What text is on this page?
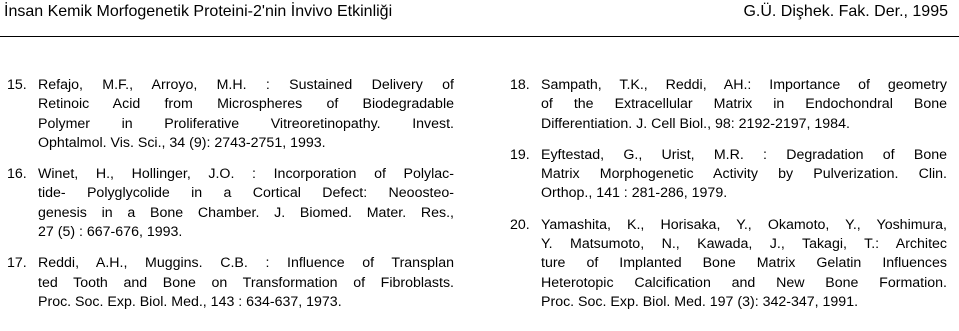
İnsan Kemik Morfogenetik Proteini-2'nin İnvivo Etkinliği	G.Ü. Dişhek. Fak. Der., 1995
15. Refajo, M.F., Arroyo, M.H. : Sustained Delivery of
Retinoic Acid from Microspheres of Biodegradable
Polymer in Proliferative Vitreoretinopathy. Invest.
Ophtalmol. Vis. Sci., 34 (9): 2743-2751, 1993.
16. Winet, H., Hollinger, J.O. : Incorporation of Polylac-
tide- Polyglycolide in a Cortical Defect: Neoosteo-
genesis in a Bone Chamber. J. Biomed. Mater. Res.,
27 (5) : 667-676, 1993.
17. Reddi, A.H., Muggins. C.B. : Influence of Transplan
ted Tooth and Bone on Transformation of Fibroblasts.
Proc. Soc. Exp. Biol. Med., 143 : 634-637, 1973.
18. Sampath, T.K., Reddi, AH.: Importance of geometry
of the Extracellular Matrix in Endochondral Bone
Differentiation. J. Cell Biol., 98: 2192-2197, 1984.
19. Eyftestad, G., Urist, M.R. : Degradation of Bone
Matrix Morphogenetic Activity by Pulverization. Clin.
Orthop., 141 : 281-286, 1979.
20. Yamashita, K., Horisaka, Y., Okamoto, Y., Yoshimura,
Y. Matsumoto, N., Kawada, J., Takagi, T.: Architec
ture of Implanted Bone Matrix Gelatin Influences
Heterotopic Calcification and New Bone Formation.
Proc. Soc. Exp. Biol. Med. 197 (3): 342-347, 1991.
